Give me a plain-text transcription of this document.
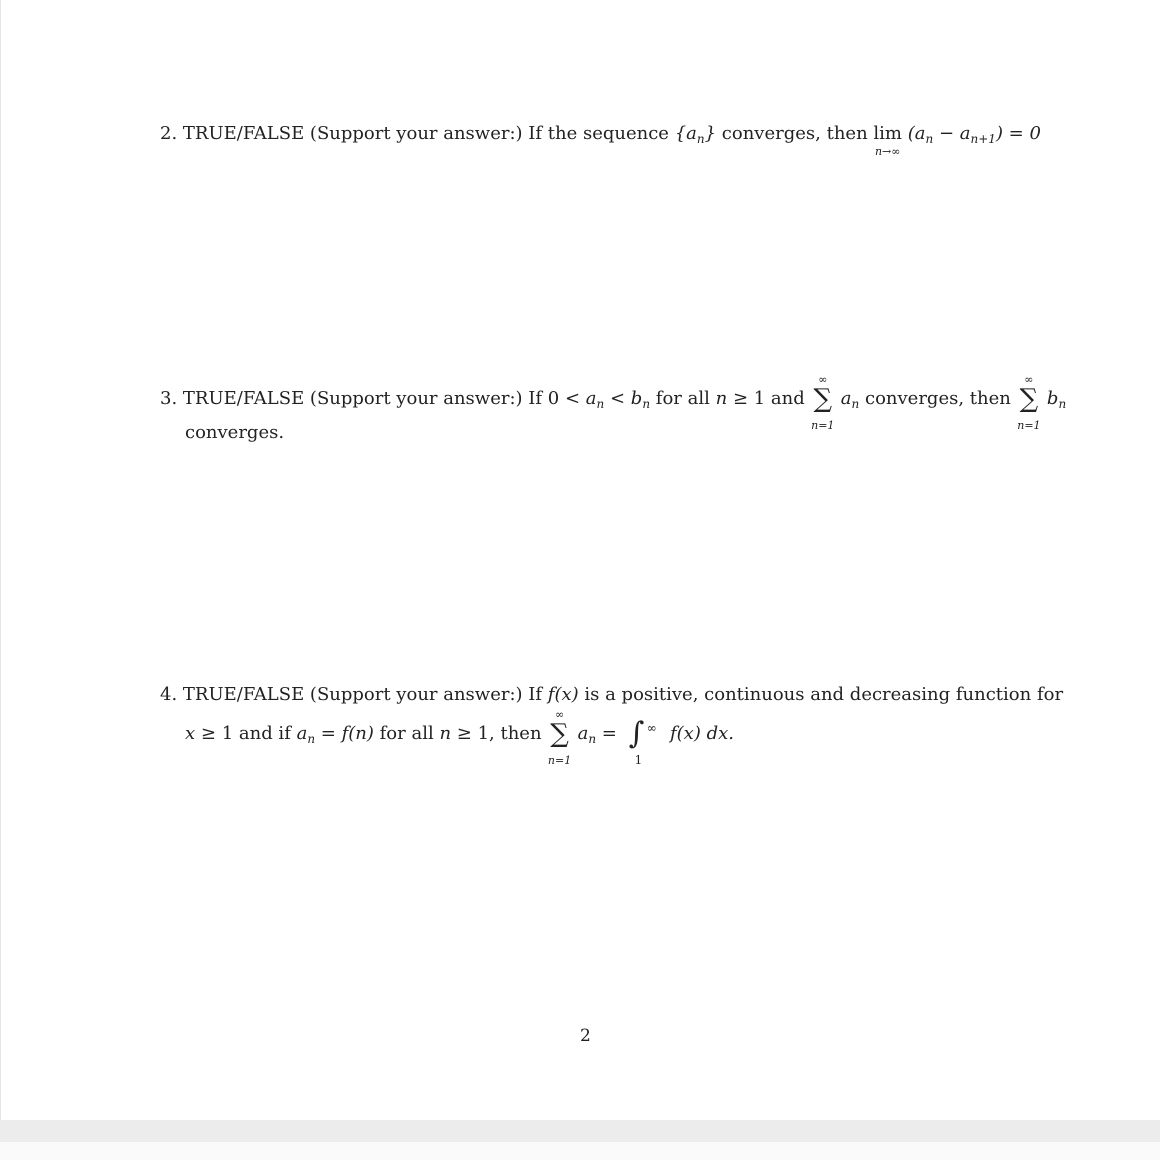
2. TRUE/FALSE (Support your answer:) If the sequence $\{a_n\}$ converges, then lim
n→∞
$(a_n - a_{n+1}) = 0$
3. TRUE/FALSE (Support your answer:) If $0 < a_n < b_n$ for all n ≥ 1 and
∞
∑
n=1
$a_n$ converges, then
∞
∑
n=1
$b_n$
converges.
4. TRUE/FALSE (Support your answer:) If f(x) is a positive, continuous and decreasing function for
x ≥ 1 and if $a_n = f(n)$ for all n ≥ 1, then
∞
∑
n=1
$a_n$ = ∫ ∞
1
f(x) dx.
2
